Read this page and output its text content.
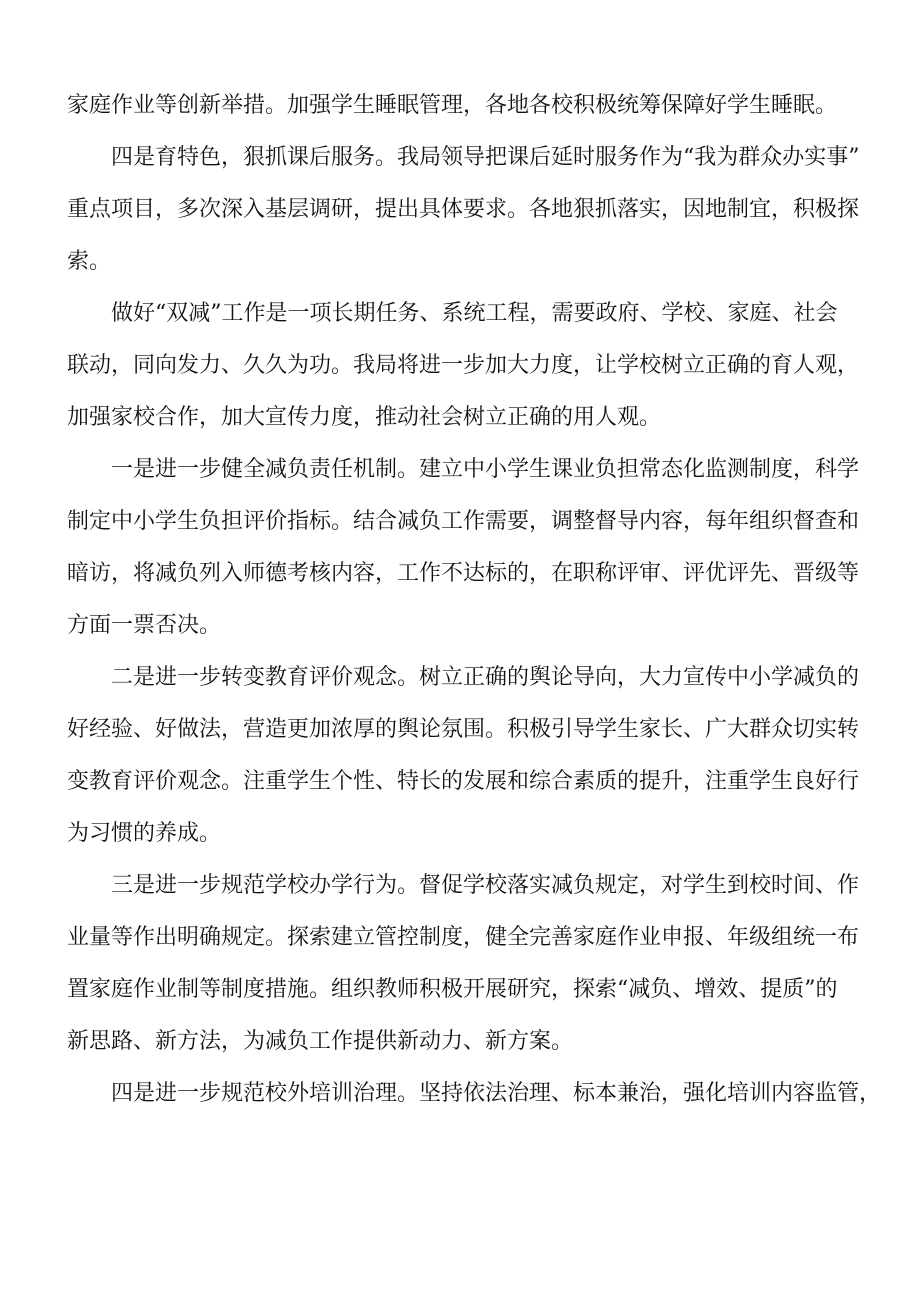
家庭作业等创新举措。加强学生睡眠管理，各地各校积极统筹保障好学生睡眠。

四是育特色，狠抓课后服务。我局领导把课后延时服务作为“我为群众办实事”

重点项目，多次深入基层调研，提出具体要求。各地狠抓落实，因地制宜，积极探

索。

做好“双减”工作是一项长期任务、系统工程，需要政府、学校、家庭、社会

联动，同向发力、久久为功。我局将进一步加大力度，让学校树立正确的育人观，

加强家校合作，加大宣传力度，推动社会树立正确的用人观。

一是进一步健全减负责任机制。建立中小学生课业负担常态化监测制度，科学

制定中小学生负担评价指标。结合减负工作需要，调整督导内容，每年组织督查和

暗访，将减负列入师德考核内容，工作不达标的，在职称评审、评优评先、晋级等

方面一票否决。

二是进一步转变教育评价观念。树立正确的舆论导向，大力宣传中小学减负的

好经验、好做法，营造更加浓厚的舆论氛围。积极引导学生家长、广大群众切实转

变教育评价观念。注重学生个性、特长的发展和综合素质的提升，注重学生良好行

为习惯的养成。

三是进一步规范学校办学行为。督促学校落实减负规定，对学生到校时间、作

业量等作出明确规定。探索建立管控制度，健全完善家庭作业申报、年级组统一布

置家庭作业制等制度措施。组织教师积极开展研究，探索“减负、增效、提质”的

新思路、新方法，为减负工作提供新动力、新方案。

四是进一步规范校外培训治理。坚持依法治理、标本兼治，强化培训内容监管，
